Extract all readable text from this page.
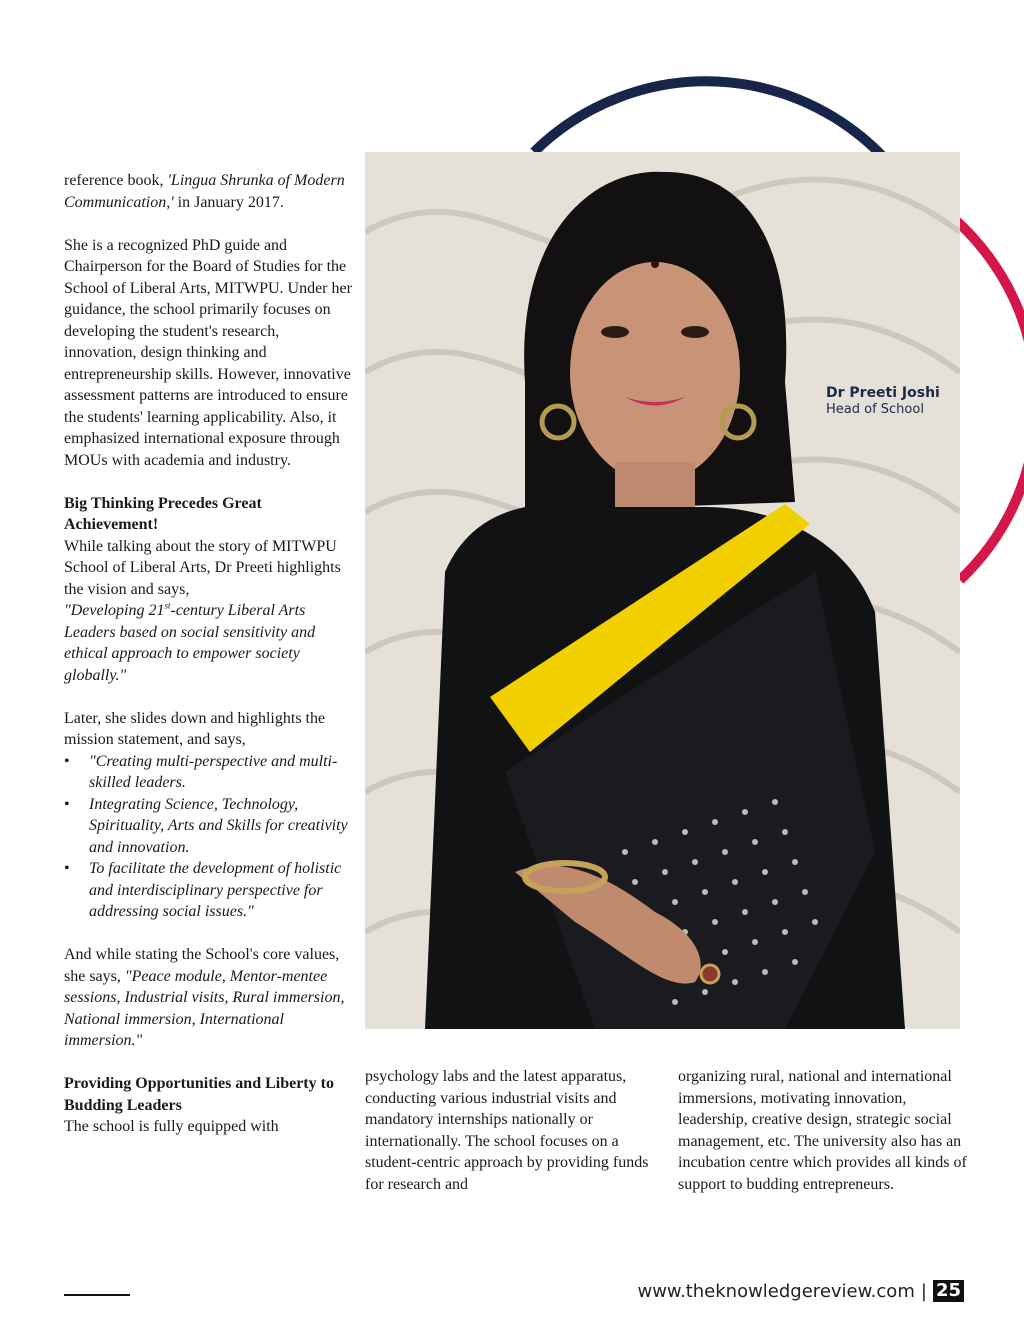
Dr Preeti Joshi
Head of School

reference book, 'Lingua Shrunka of Modern Communication,' in January 2017.

She is a recognized PhD guide and Chairperson for the Board of Studies for the School of Liberal Arts, MITWPU. Under her guidance, the school primarily focuses on developing the student's research, innovation, design thinking and entrepreneurship skills. However, innovative assessment patterns are introduced to ensure the students' learning applicability. Also, it emphasized international exposure through MOUs with academia and industry.

Big Thinking Precedes Great Achievement!

While talking about the story of MITWPU School of Liberal Arts, Dr Preeti highlights the vision and says,

"Developing 21st-century Liberal Arts Leaders based on social sensitivity and ethical approach to empower society globally."

Later, she slides down and highlights the mission statement, and says,

• "Creating multi-perspective and multi-skilled leaders.
• Integrating Science, Technology, Spirituality, Arts and Skills for creativity and innovation.
• To facilitate the development of holistic and interdisciplinary perspective for addressing social issues."

And while stating the School's core values, she says, "Peace module, Mentor-mentee sessions, Industrial visits, Rural immersion, National immersion, International immersion."

Providing Opportunities and Liberty to Budding Leaders

The school is fully equipped with

psychology labs and the latest apparatus, conducting various industrial visits and mandatory internships nationally or internationally. The school focuses on a student-centric approach by providing funds for research and

organizing rural, national and international immersions, motivating innovation, leadership, creative design, strategic social management, etc. The university also has an incubation centre which provides all kinds of support to budding entrepreneurs.

www.theknowledgereview.com | 25
